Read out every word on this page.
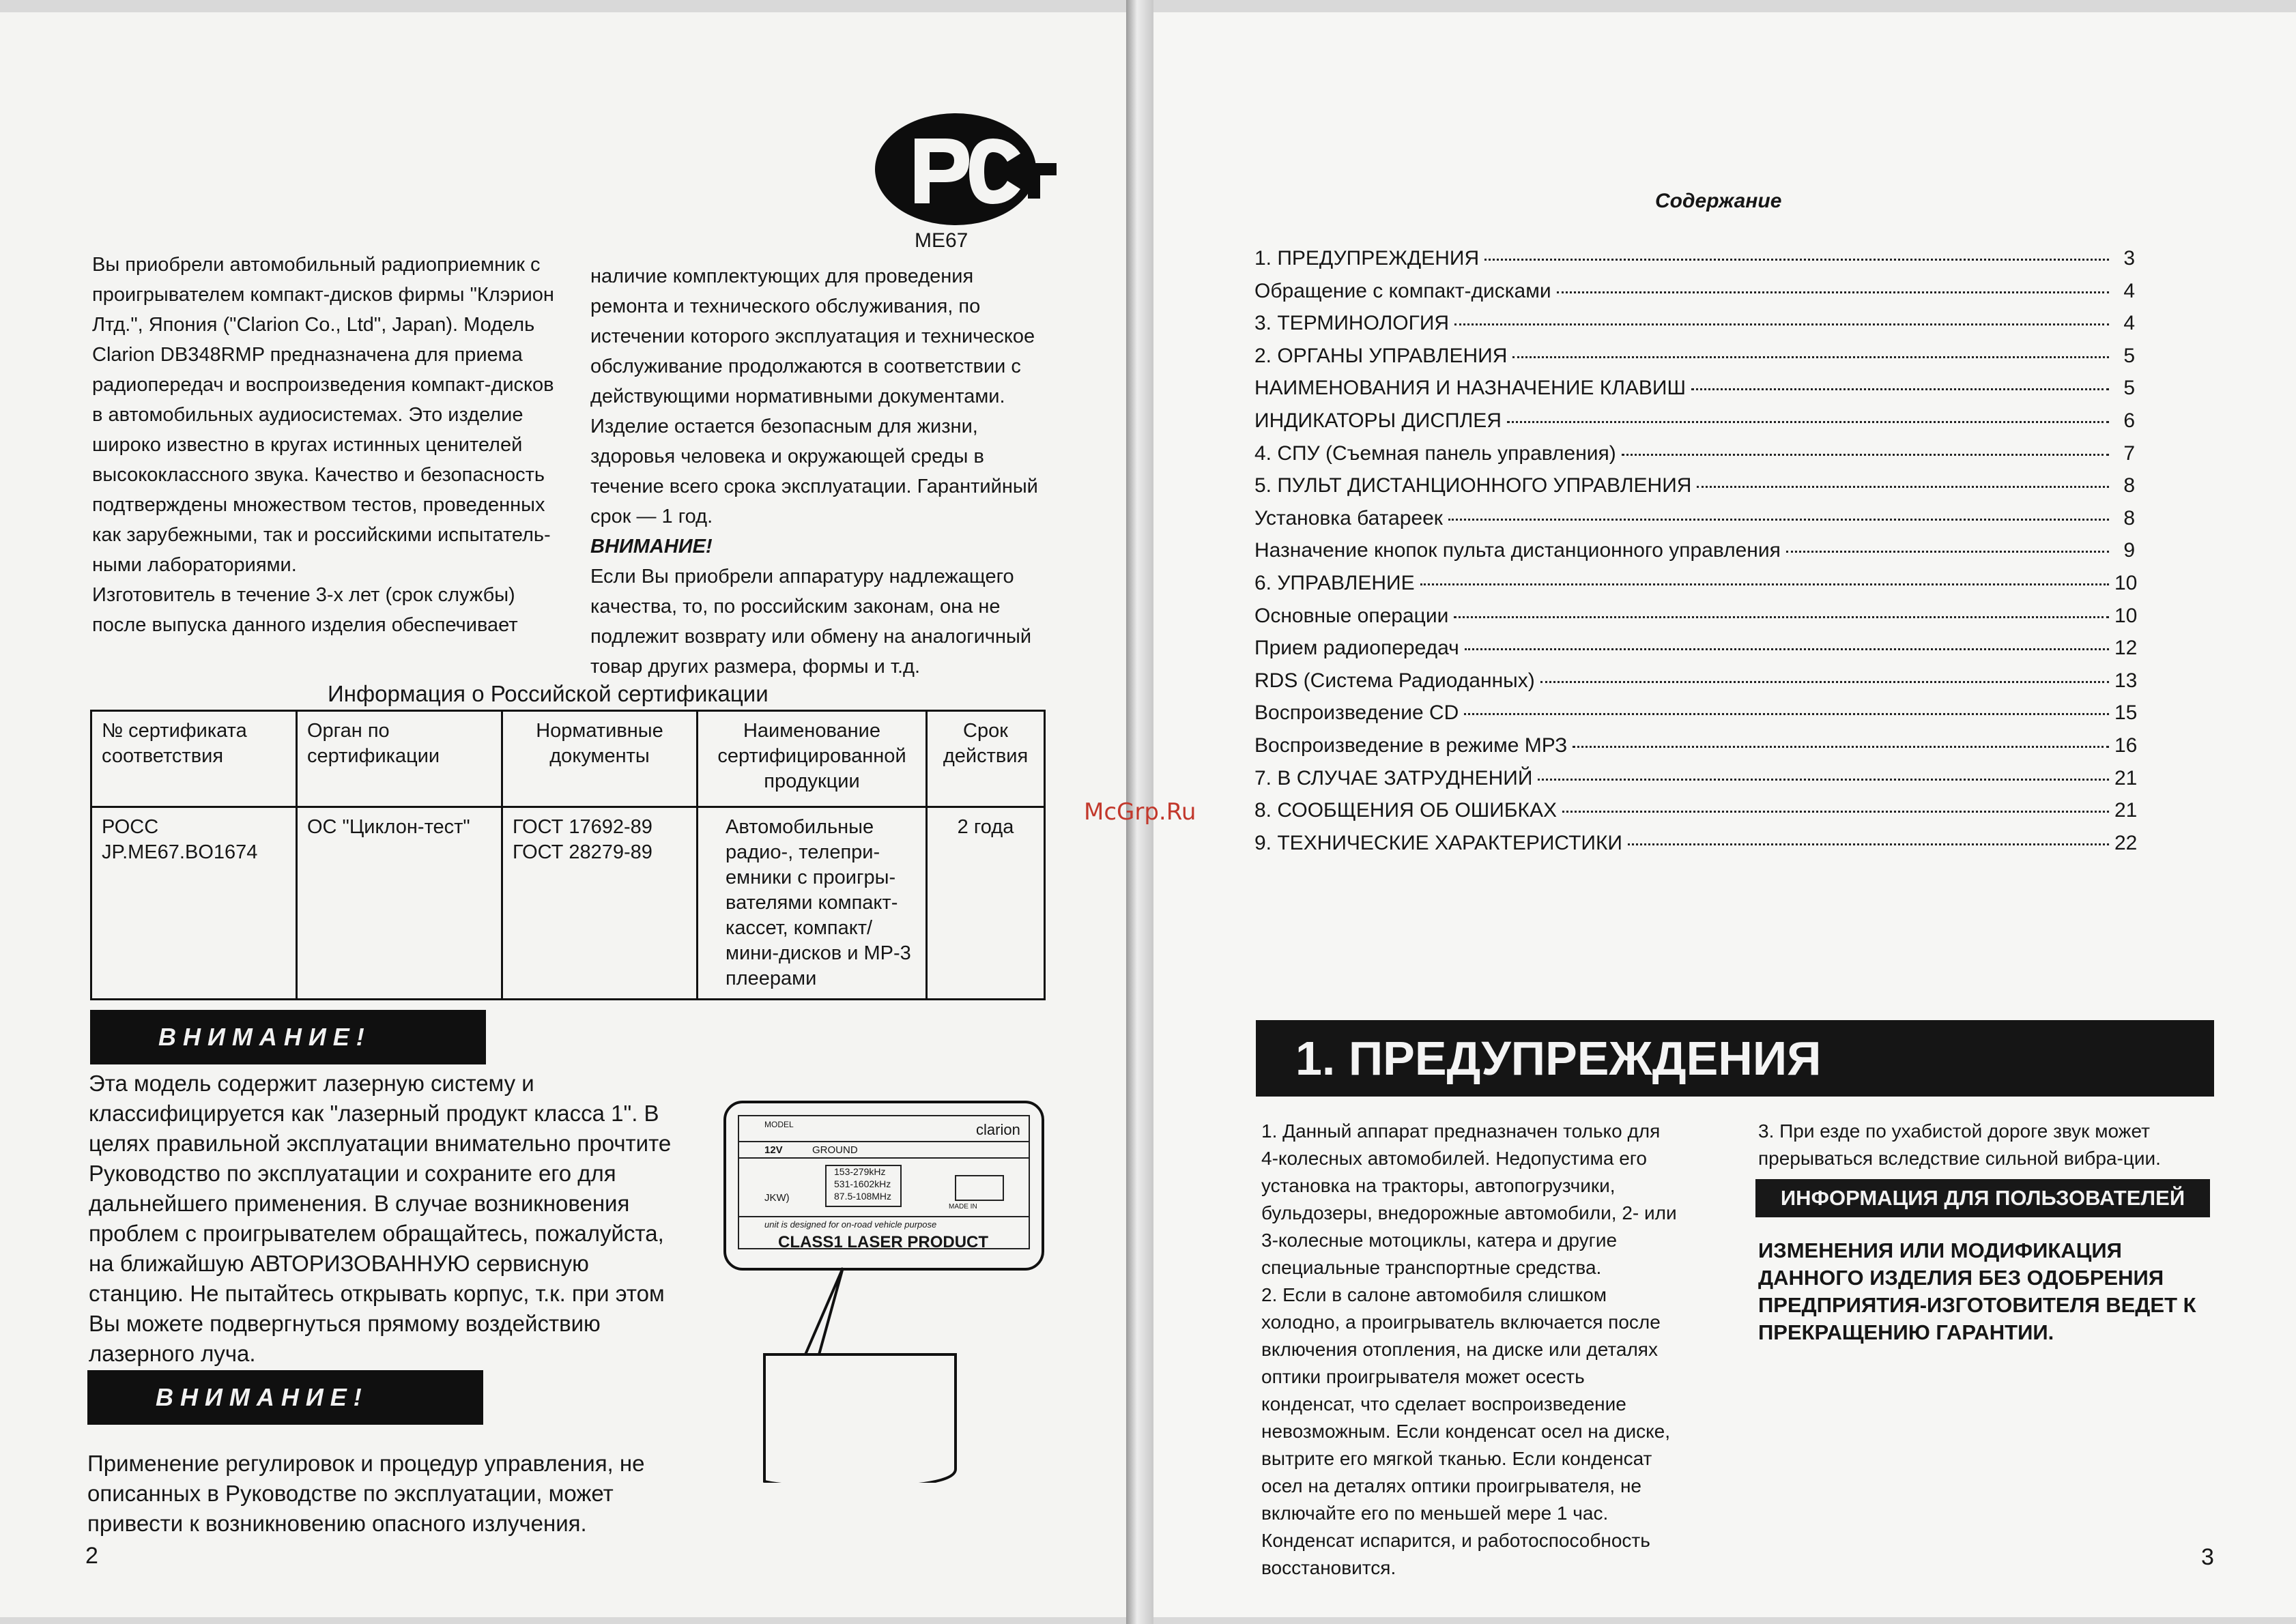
ME67

Вы приобрели автомобильный радиоприемник с

проигрывателем компакт-дисков фирмы "Клэрион

Лтд.", Япония ("Clarion Co., Ltd", Japan). Модель

Clarion DB348RMP предназначена для приема

радиопередач и воспроизведения компакт-дисков

в автомобильных аудиосистемах. Это изделие

широко известно в кругах истинных ценителей

высококлассного звука. Качество и безопасность

подтверждены множеством тестов, проведенных

как зарубежными, так и российскими испытатель-

ными лабораториями.

Изготовитель в течение 3-х лет (срок службы)

после выпуска данного изделия обеспечивает

наличие комплектующих для проведения

ремонта и технического обслуживания, по

истечении которого эксплуатация и техническое

обслуживание продолжаются в соответствии с

действующими нормативными документами.

Изделие остается безопасным для жизни,

здоровья человека и окружающей среды в

течение всего срока эксплуатации. Гарантийный

срок — 1 год.

ВНИМАНИЕ!

Если Вы приобрели аппаратуру надлежащего

качества, то, по российским законам, она не

подлежит возврату или обмену на аналогичный

товар других размера, формы и т.д.

Информация о Российской сертификации
№ сертификата соответствия	Орган по сертификации	Нормативные документы	Наименование сертифицированной продукции	Срок действия
РОСС JP.ME67.BO1674	ОС "Циклон-тест"	ГОСТ 17692-89 ГОСТ 28279-89	Автомобильные радио-, телепри-емники с проигры-вателями компакт-кассет, компакт/ мини-дисков и МР-3 плеерами	2 года
ВНИМАНИЕ!

Эта модель содержит лазерную систему и

классифицируется как "лазерный продукт класса 1". В

целях правильной эксплуатации внимательно прочтите

Руководство по эксплуатации и сохраните его для

дальнейшего применения. В случае возникновения

проблем с проигрывателем обращайтесь, пожалуйста,

на ближайшую АВТОРИЗОВАННУЮ сервисную

станцию. Не пытайтесь открывать корпус, т.к. при этом

Вы можете подвергнуться прямому воздействию

лазерного луча.

ВНИМАНИЕ!

Применение регулировок и процедур управления, не

описанных в Руководстве по эксплуатации, может

привести к возникновению опасного излучения.

MODEL	clarion
12V	GROUND
153-279kHz
531-1602kHz
87.5-108MHz
JKW)
MADE IN
unit is designed for on-road vehicle purpose
CLASS1 LASER PRODUCT
2
McGrp.Ru
Содержание
1. ПРЕДУПРЕЖДЕНИЯ	3
Обращение с компакт-дисками	4
3. ТЕРМИНОЛОГИЯ	4
2. ОРГАНЫ УПРАВЛЕНИЯ	5
НАИМЕНОВАНИЯ И НАЗНАЧЕНИЕ КЛАВИШ	5
ИНДИКАТОРЫ ДИСПЛЕЯ	6
4. СПУ (Съемная панель управления)	7
5. ПУЛЬТ ДИСТАНЦИОННОГО УПРАВЛЕНИЯ	8
Установка батареек	8
Назначение кнопок пульта дистанционного управления	9
6. УПРАВЛЕНИЕ	10
Основные операции	10
Прием радиопередач	12
RDS (Система Радиоданных)	13
Воспроизведение CD	15
Воспроизведение в режиме МРЗ	16
7. В СЛУЧАЕ ЗАТРУДНЕНИЙ	21
8. СООБЩЕНИЯ ОБ ОШИБКАХ	21
9. ТЕХНИЧЕСКИЕ ХАРАКТЕРИСТИКИ	22
1. ПРЕДУПРЕЖДЕНИЯ

1. Данный аппарат предназначен только для

4-колесных автомобилей. Недопустима его

установка на тракторы, автопогрузчики,

бульдозеры, внедорожные автомобили, 2- или

3-колесные мотоциклы, катера и другие

специальные транспортные средства.

2. Если в салоне автомобиля слишком

холодно, а проигрыватель включается после

включения отопления, на диске или деталях

оптики проигрывателя может осесть

конденсат, что сделает воспроизведение

невозможным. Если конденсат осел на диске,

вытрите его мягкой тканью. Если конденсат

осел на деталях оптики проигрывателя, не

включайте его по меньшей мере 1 час.

Конденсат испарится, и работоспособность

восстановится.

3. При езде по ухабистой дороге звук может

прерываться вследствие сильной вибра-ции.

ИНФОРМАЦИЯ ДЛЯ ПОЛЬЗОВАТЕЛЕЙ

ИЗМЕНЕНИЯ ИЛИ МОДИФИКАЦИЯ

ДАННОГО ИЗДЕЛИЯ БЕЗ ОДОБРЕНИЯ

ПРЕДПРИЯТИЯ-ИЗГОТОВИТЕЛЯ ВЕДЕТ К

ПРЕКРАЩЕНИЮ ГАРАНТИИ.

3
